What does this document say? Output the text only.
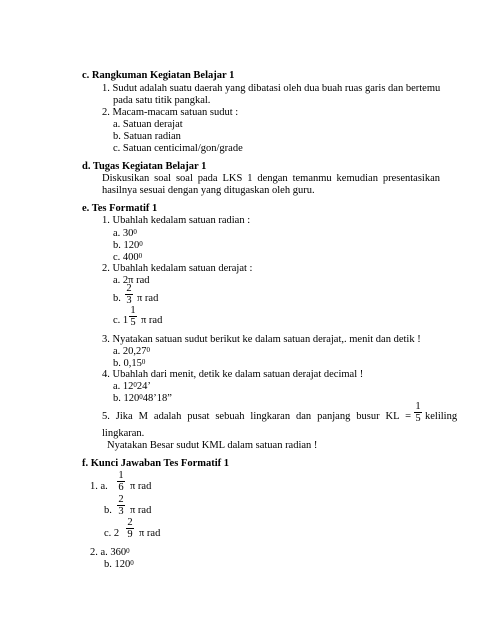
c. Rangkuman Kegiatan Belajar 1
1. Sudut adalah suatu daerah yang dibatasi oleh dua buah ruas garis dan bertemu
pada satu titik pangkal.
2. Macam-macam satuan sudut :
a. Satuan derajat
b. Satuan radian
c. Satuan centicimal/gon/grade
d. Tugas Kegiatan Belajar 1
Diskusikan soal soal pada LKS 1 dengan temanmu kemudian presentasikan
hasilnya sesuai dengan yang ditugaskan oleh guru.
e. Tes Formatif 1
1. Ubahlah kedalam satuan radian :
a. $30^0$
b. $120^0$
c. $400^0$
2. Ubahlah kedalam satuan derajat :
a. 2π rad
b.
2
3 π rad
c. 1
1
5 π rad
3. Nyatakan satuan sudut berikut ke dalam satuan derajat,. menit dan detik !
a. 20,27$^0$
b. 0,15$^0$
4. Ubahlah dari menit, detik ke dalam satuan derajat decimal !
a. $12^024$’
b. $120^048’18$”
5. Jika M adalah pusat sebuah lingkaran dan panjang busur KL =
1
5 keliling
lingkaran.
Nyatakan Besar sudut KML dalam satuan radian !
f. Kunci Jawaban Tes Formatif 1
1. a.
1
6 π rad
b.
2
3 π rad
c. 2
2
9 π rad
2. a. $360^0$
b. $120^0$
